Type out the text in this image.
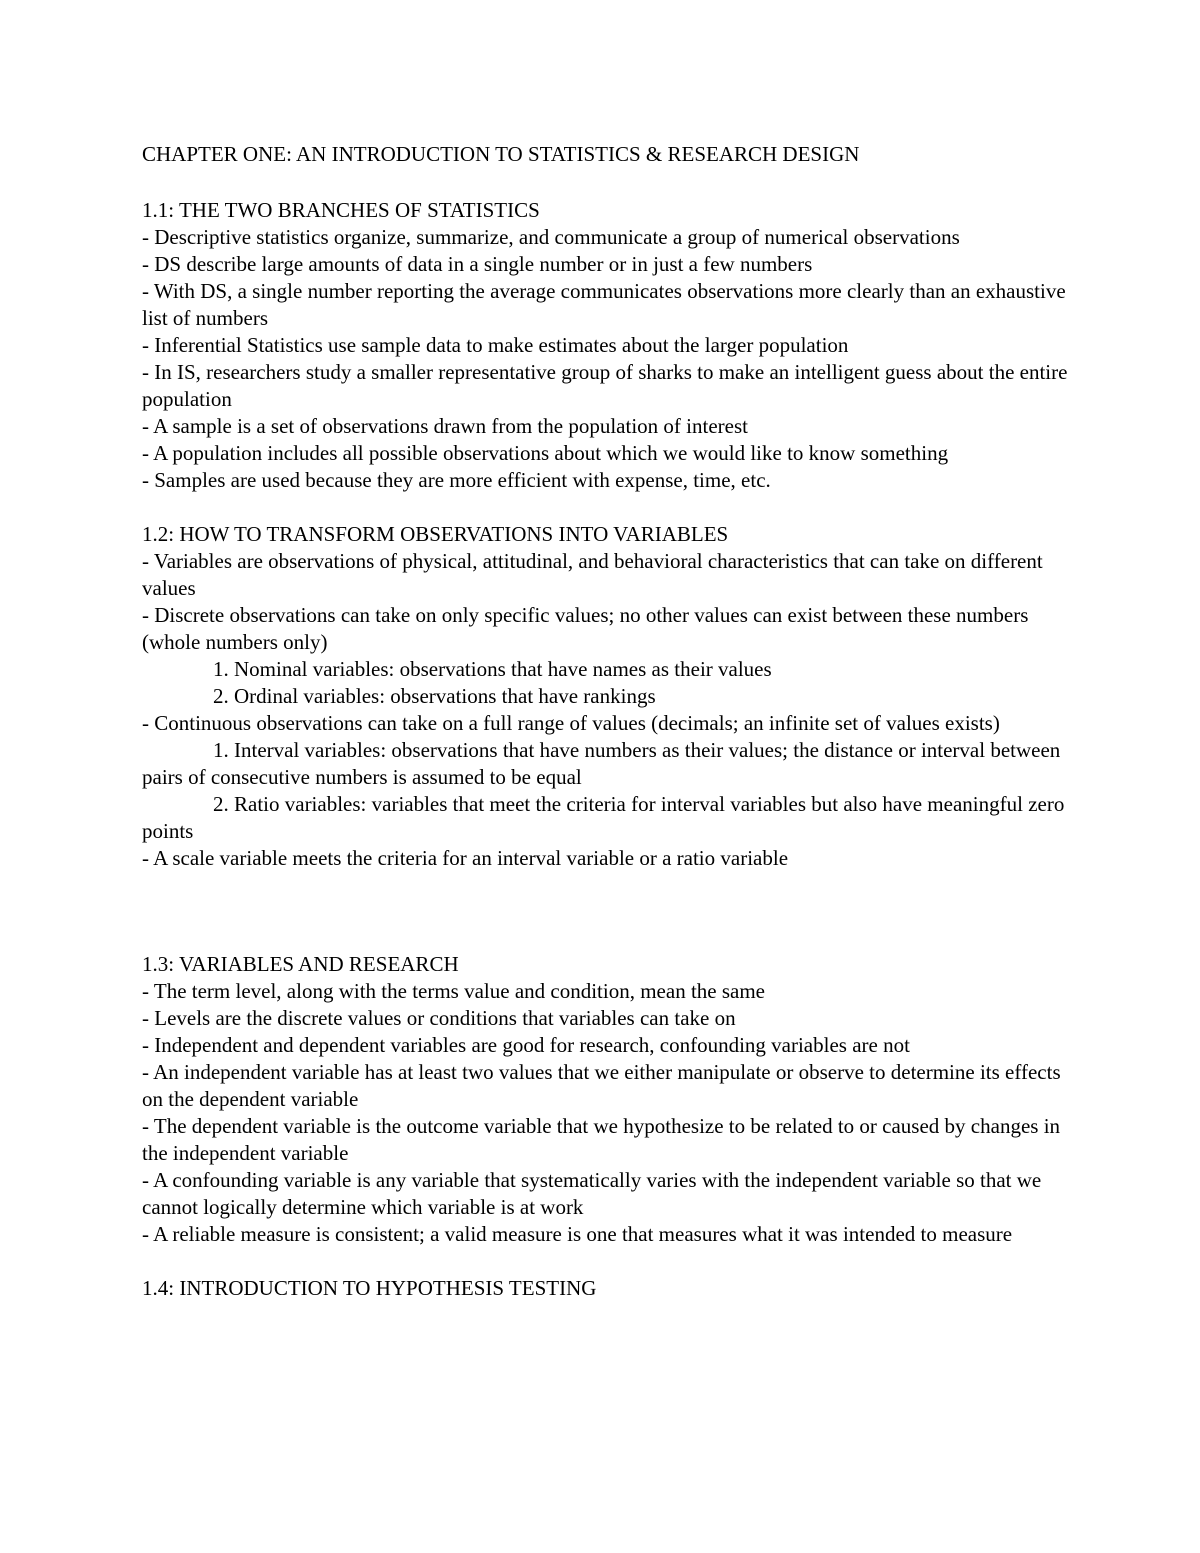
CHAPTER ONE: AN INTRODUCTION TO STATISTICS & RESEARCH DESIGN

1.1: THE TWO BRANCHES OF STATISTICS

- Descriptive statistics organize, summarize, and communicate a group of numerical observations

- DS describe large amounts of data in a single number or in just a few numbers

- With DS, a single number reporting the average communicates observations more clearly than an exhaustive list of numbers

- Inferential Statistics use sample data to make estimates about the larger population

- In IS, researchers study a smaller representative group of sharks to make an intelligent guess about the entire population

- A sample is a set of observations drawn from the population of interest

- A population includes all possible observations about which we would like to know something

- Samples are used because they are more efficient with expense, time, etc.

1.2: HOW TO TRANSFORM OBSERVATIONS INTO VARIABLES

- Variables are observations of physical, attitudinal, and behavioral characteristics that can take on different values

- Discrete observations can take on only specific values; no other values can exist between these numbers (whole numbers only)

1. Nominal variables: observations that have names as their values

2. Ordinal variables: observations that have rankings

- Continuous observations can take on a full range of values (decimals; an infinite set of values exists)

1. Interval variables: observations that have numbers as their values; the distance or interval between pairs of consecutive numbers is assumed to be equal

2. Ratio variables: variables that meet the criteria for interval variables but also have meaningful zero points

- A scale variable meets the criteria for an interval variable or a ratio variable

1.3: VARIABLES AND RESEARCH

- The term level, along with the terms value and condition, mean the same

- Levels are the discrete values or conditions that variables can take on

- Independent and dependent variables are good for research, confounding variables are not

- An independent variable has at least two values that we either manipulate or observe to determine its effects on the dependent variable

- The dependent variable is the outcome variable that we hypothesize to be related to or caused by changes in the independent variable

- A confounding variable is any variable that systematically varies with the independent variable so that we cannot logically determine which variable is at work

- A reliable measure is consistent; a valid measure is one that measures what it was intended to measure

1.4: INTRODUCTION TO HYPOTHESIS TESTING
